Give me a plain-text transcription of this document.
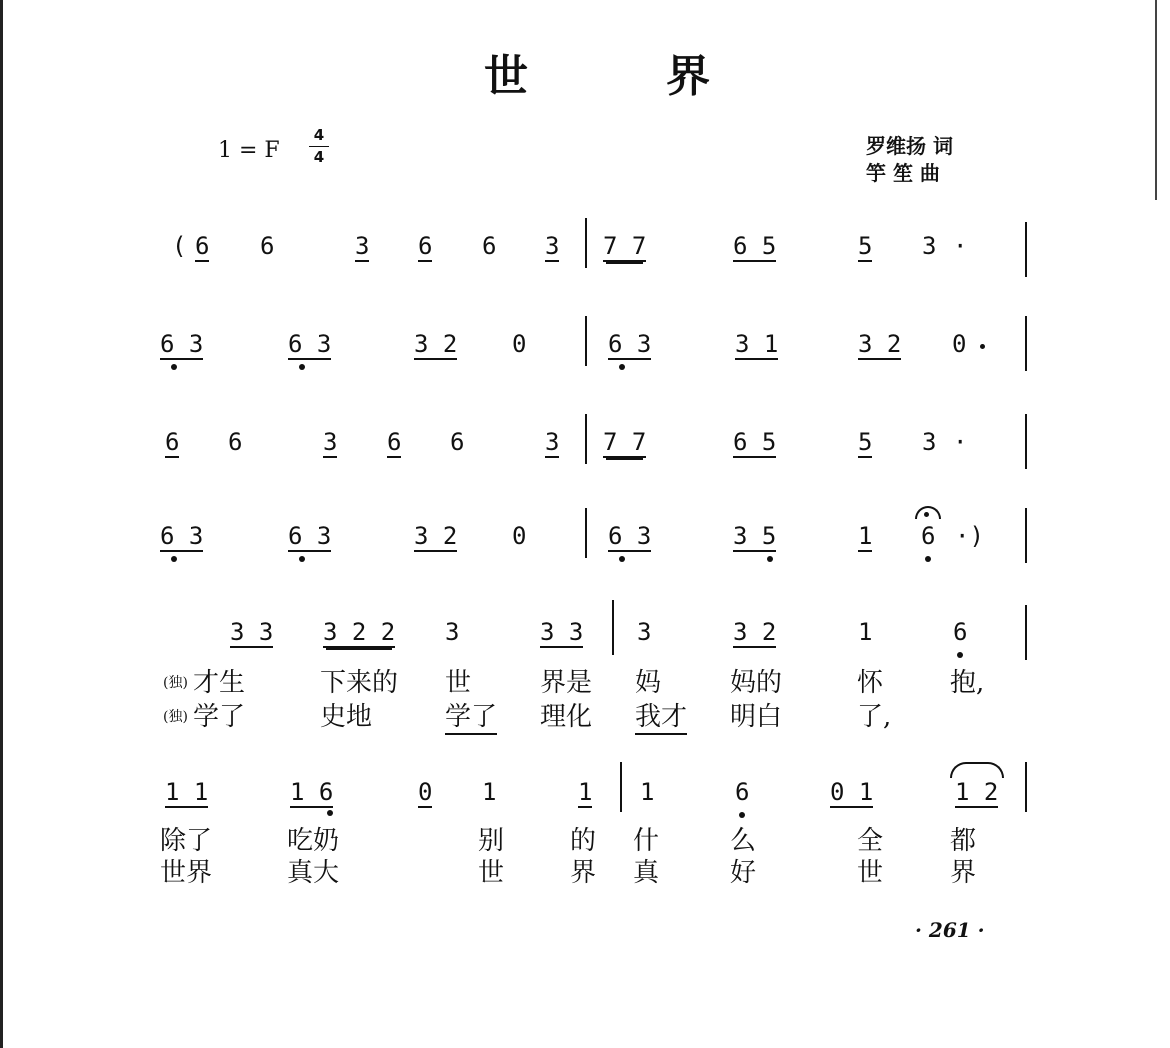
世	界
1 = F
4
4	罗维扬 词
竽 笙 曲
( 6 6	3 6 6 3 7 7	6 5	5 3 ·
6 3	6 3	3 2 0	6 3	3 1	3 2 0
6 6	3 6 6	3 7 7	6 5	5 3 ·
6 3	6 3	3 2 0	6 3	3 5	1 6 ·)
3 3 3 2 2 3	3 3 3	3 2	1	6
(独) 才生	下来的 世	界是 妈	妈的	怀	抱,
(独) 学了	史地	学了 理化 我才 明白	了,
1 1	1 6	0 1	1 1	6	0 1	1 2
除了	吃奶	别	的 什	么	全	都
世界	真大	世	界 真	好	世	界
· 261 ·
